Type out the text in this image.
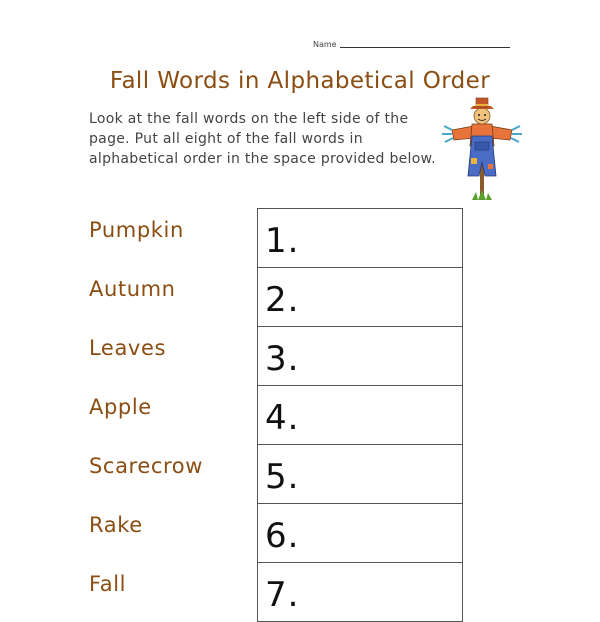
Name
Fall Words in Alphabetical Order
Look at the fall words on the left side of the
page. Put all eight of the fall words in
alphabetical order in the space provided below.
Pumpkin
Autumn
Leaves
Apple
Scarecrow
Rake
Fall
1.
2.
3.
4.
5.
6.
7.
